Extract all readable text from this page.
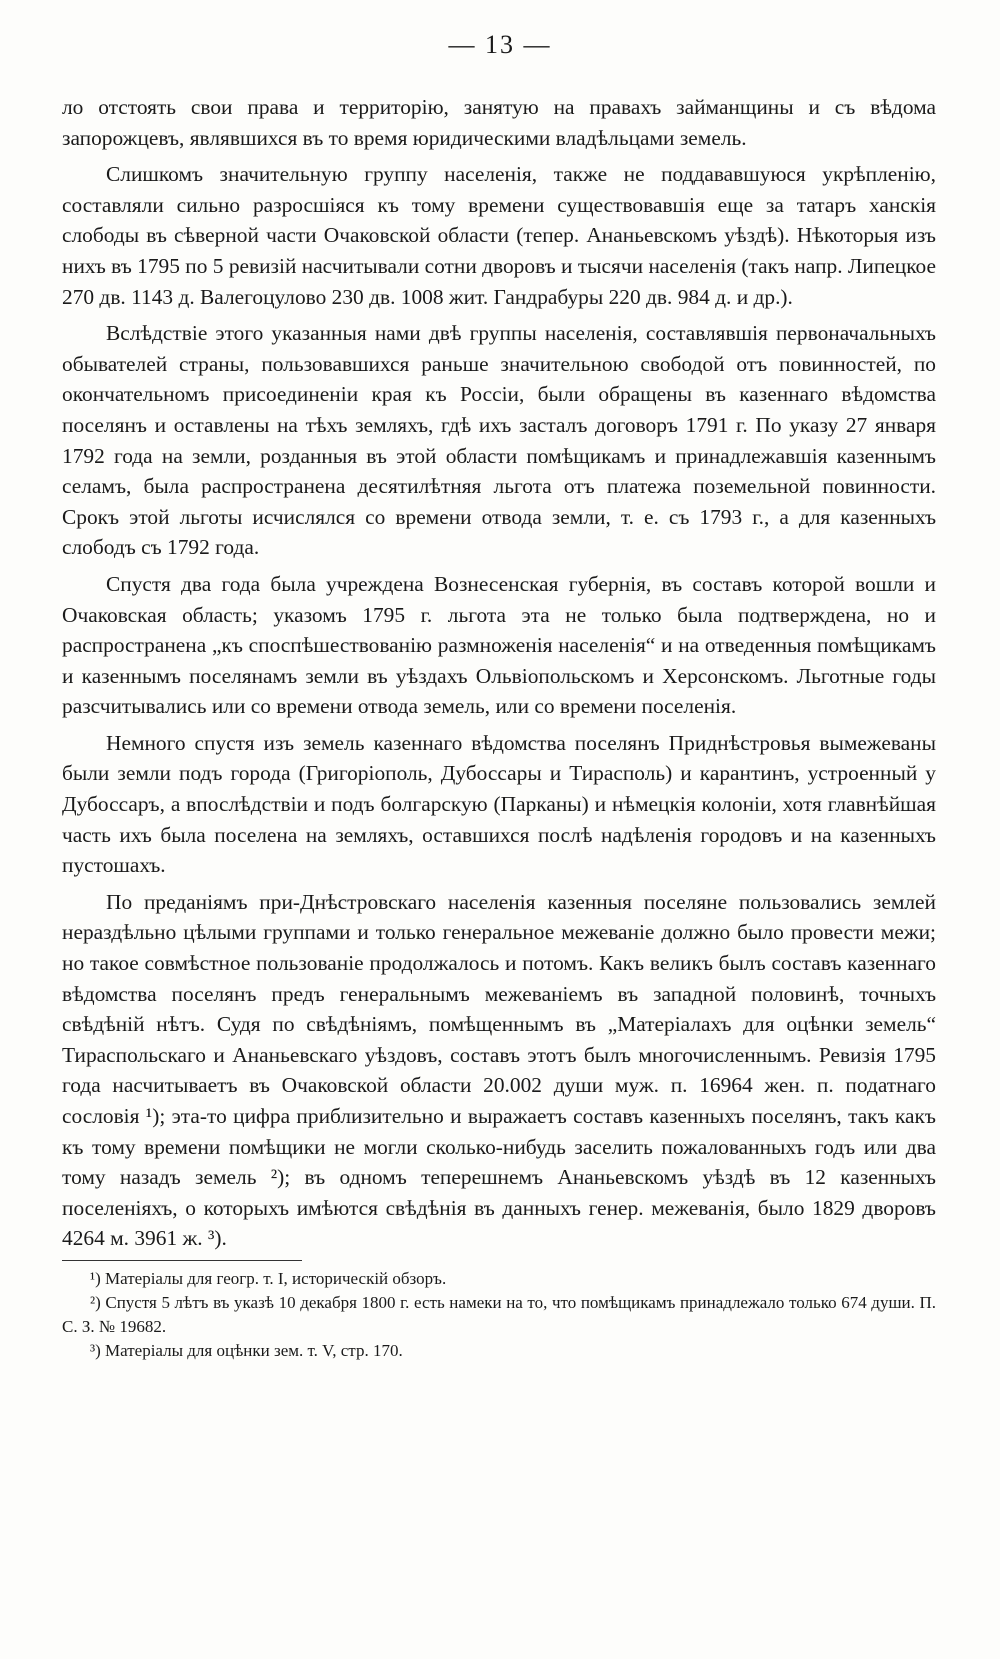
— 13 —

ло отстоять свои права и территорію, занятую на правахъ займанщины и съ вѣдома запорожцевъ, являвшихся въ то время юридическими владѣльцами земель.

Слишкомъ значительную группу населенія, также не поддававшуюся укрѣпленію, составляли сильно разросшіяся къ тому времени существовавшія еще за татаръ ханскія слободы въ сѣверной части Очаковской области (тепер. Ананьевскомъ уѣздѣ). Нѣкоторыя изъ нихъ въ 1795 по 5 ревизій насчитывали сотни дворовъ и тысячи населенія (такъ напр. Липецкое 270 дв. 1143 д. Валегоцулово 230 дв. 1008 жит. Гандрабуры 220 дв. 984 д. и др.).

Вслѣдствіе этого указанныя нами двѣ группы населенія, составлявшія первоначальныхъ обывателей страны, пользовавшихся раньше значительною свободой отъ повинностей, по окончательномъ присоединеніи края къ Россіи, были обращены въ казеннаго вѣдомства поселянъ и оставлены на тѣхъ земляхъ, гдѣ ихъ засталъ договоръ 1791 г. По указу 27 января 1792 года на земли, розданныя въ этой области помѣщикамъ и принадлежавшія казеннымъ селамъ, была распространена десятилѣтняя льгота отъ платежа поземельной повинности. Срокъ этой льготы исчислялся со времени отвода земли, т. е. съ 1793 г., а для казенныхъ слободъ съ 1792 года.

Спустя два года была учреждена Вознесенская губернія, въ составъ которой вошли и Очаковская область; указомъ 1795 г. льгота эта не только была подтверждена, но и распространена „къ споспѣшествованію размноженія населенія“ и на отведенныя помѣщикамъ и казеннымъ поселянамъ земли въ уѣздахъ Ольвіопольскомъ и Херсонскомъ. Льготные годы разсчитывались или со времени отвода земель, или со времени поселенія.

Немного спустя изъ земель казеннаго вѣдомства поселянъ Приднѣстровья вымежеваны были земли подъ города (Григоріополь, Дубоссары и Тирасполь) и карантинъ, устроенный у Дубоссаръ, а впослѣдствіи и подъ болгарскую (Парканы) и нѣмецкія колоніи, хотя главнѣйшая часть ихъ была поселена на земляхъ, оставшихся послѣ надѣленія городовъ и на казенныхъ пустошахъ.

По преданіямъ при-Днѣстровскаго населенія казенныя поселяне пользовались землей нераздѣльно цѣлыми группами и только генеральное межеваніе должно было провести межи; но такое совмѣстное пользованіе продолжалось и потомъ. Какъ великъ былъ составъ казеннаго вѣдомства поселянъ предъ генеральнымъ межеваніемъ въ западной половинѣ, точныхъ свѣдѣній нѣтъ. Судя по свѣдѣніямъ, помѣщеннымъ въ „Матеріалахъ для оцѣнки земель“ Тираспольскаго и Ананьевскаго уѣздовъ, составъ этотъ былъ многочисленнымъ. Ревизія 1795 года насчитываетъ въ Очаковской области 20.002 души муж. п. 16964 жен. п. податнаго сословія ¹); эта-то цифра приблизительно и выражаетъ составъ казенныхъ поселянъ, такъ какъ къ тому времени помѣщики не могли сколько-нибудь заселить пожалованныхъ годъ или два тому назадъ земель ²); въ одномъ теперешнемъ Ананьевскомъ уѣздѣ въ 12 казенныхъ поселеніяхъ, о которыхъ имѣются свѣдѣнія въ данныхъ генер. межеванія, было 1829 дворовъ 4264 м. 3961 ж. ³).

¹) Матеріалы для геогр. т. I, историческій обзоръ.

²) Спустя 5 лѣтъ въ указѣ 10 декабря 1800 г. есть намеки на то, что помѣщикамъ принадлежало только 674 души. П. С. З. № 19682.

³) Матеріалы для оцѣнки зем. т. V, стр. 170.
